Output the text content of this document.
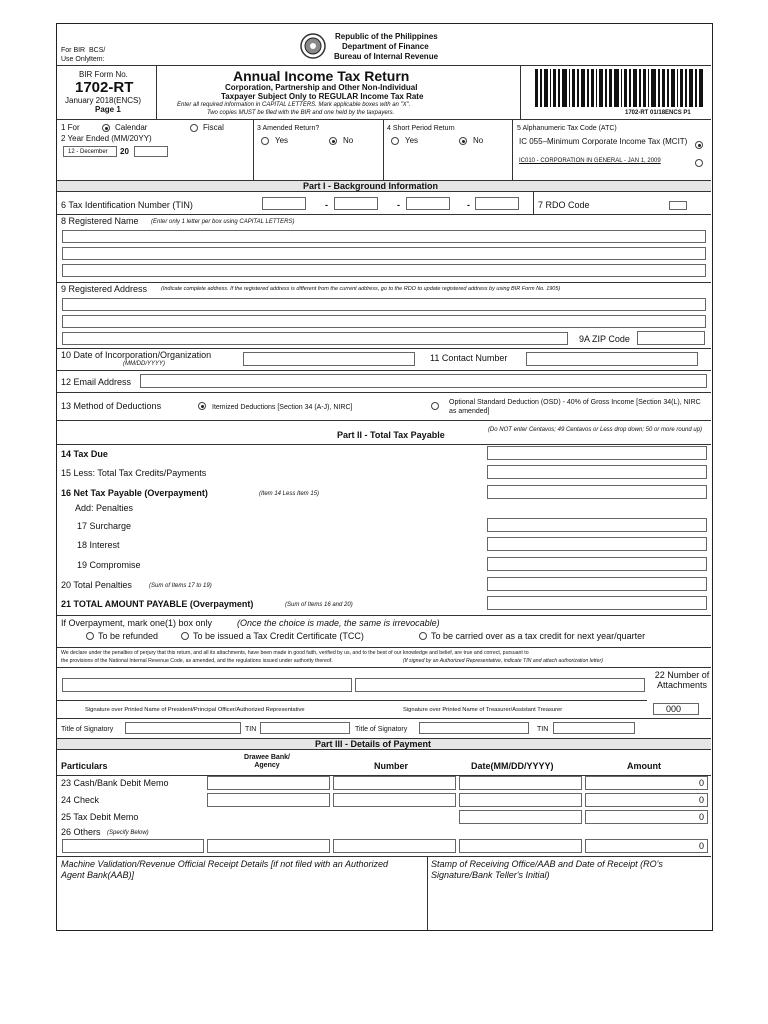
For BIR
Use Only
BCS/
Item:
Republic of the Philippines
Department of Finance
Bureau of Internal Revenue
BIR Form No.
1702-RT
January 2018(ENCS)
Page 1
Annual Income Tax Return
Corporation, Partnership and Other Non-Individual
Taxpayer Subject Only to REGULAR Income Tax Rate
Enter all required information in CAPITAL LETTERS. Mark applicable boxes with an "X".
Two copies MUST be filed with the BIR and one held by the taxpayers.	1702-RT 01/18ENCS P1
1 For	Calendar	Fiscal
2 Year Ended (MM/20YY)
12 - December 20
3 Amended Return?
Yes	No
4 Short Period Return
Yes	No
5 Alphanumeric Tax Code (ATC)
IC 055–Minimum Corporate Income Tax (MCIT)
IC010 - CORPORATION IN GENERAL - JAN 1, 2009
Part I - Background Information
6 Tax Identification Number (TIN)	-	-	-	7 RDO Code
8 Registered Name (Enter only 1 letter per box using CAPITAL LETTERS)
9 Registered Address	(Indicate complete address. If the registered address is different from the current address, go to the RDO to update registered address by using BIR Form No. 1905)
9A ZIP Code
10 Date of Incorporation/Organization
(MM/DD/YYYY)
11 Contact Number
12 Email Address
13 Method of Deductions	Itemized Deductions [Section 34 (A-J), NIRC]
Optional Standard Deduction (OSD) - 40% of Gross Income [Section 34(L), NIRC as amended]
Part II - Total Tax Payable	(Do NOT enter Centavos; 49 Centavos or Less drop down; 50 or more round up)
14 Tax Due
15 Less: Total Tax Credits/Payments
16 Net Tax Payable (Overpayment)	(Item 14 Less Item 15)
Add: Penalties
17 Surcharge
18 Interest
19 Compromise
20 Total Penalties	(Sum of Items 17 to 19)
21 TOTAL AMOUNT PAYABLE (Overpayment)	(Sum of Items 16 and 20)
If Overpayment, mark one(1) box only	(Once the choice is made, the same is irrevocable)
To be refunded	To be issued a Tax Credit Certificate (TCC)	To be carried over as a tax credit for next year/quarter
We declare under the penalties of perjury that this return, and all its attachments, have been made in good faith, verified by us, and to the best of our knowledge and belief, are true and correct, pursuant to
the provisions of the National Internal Revenue Code, as amended, and the regulations issued under authority thereof.	(If signed by an Authorized Representative, indicate TIN and attach authorization letter)
22 Number of Attachments
Signature over Printed Name of President/Principal Officer/Authorized Representative	Signature over Printed Name of Treasurer/Assistant Treasurer	000
Title of Signatory	TIN	Title of Signatory	TIN
Part III - Details of Payment
Particulars
Drawee Bank/ Agency	Number	Date(MM/DD/YYYY)	Amount
23 Cash/Bank Debit Memo	0
24 Check	0
25 Tax Debit Memo	0
26 Others (Specify Below)
0
Machine Validation/Revenue Official Receipt Details [if not filed with an Authorized Agent Bank(AAB)]
Stamp of Receiving Office/AAB and Date of Receipt (RO's Signature/Bank Teller's Initial)
